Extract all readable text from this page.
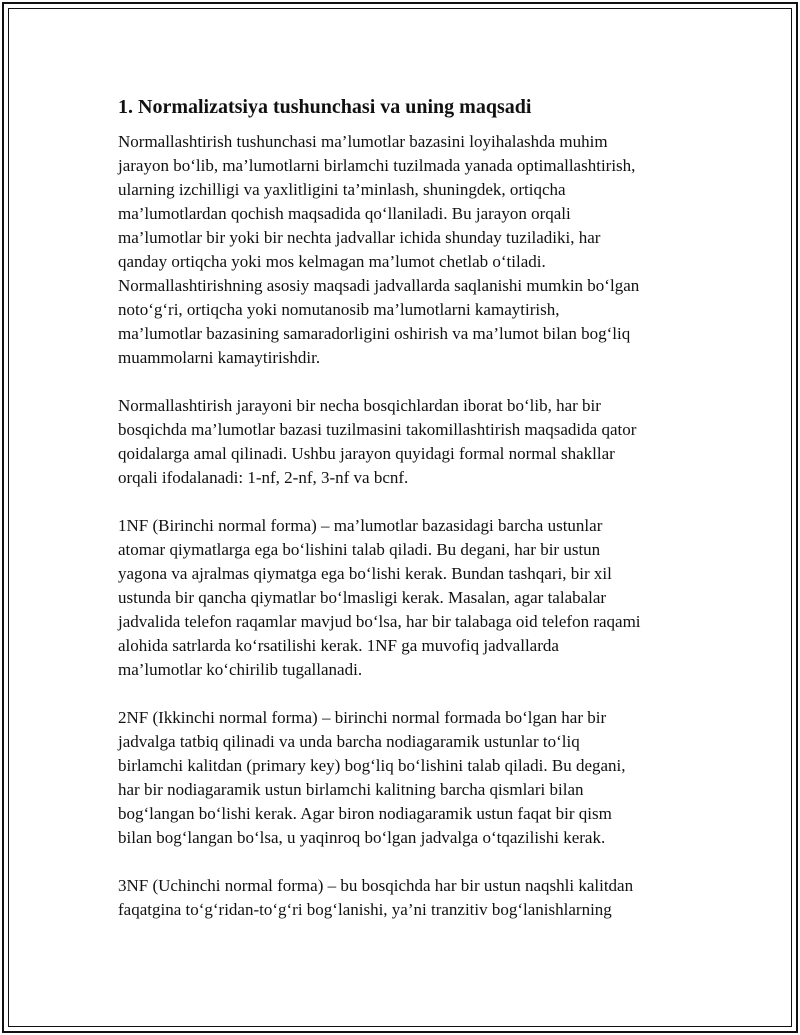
1. Normalizatsiya tushunchasi va uning maqsadi

Normallashtirish tushunchasi ma’lumotlar bazasini loyihalashda muhim
jarayon bo‘lib, ma’lumotlarni birlamchi tuzilmada yanada optimallashtirish,
ularning izchilligi va yaxlitligini ta’minlash, shuningdek, ortiqcha
ma’lumotlardan qochish maqsadida qo‘llaniladi. Bu jarayon orqali
ma’lumotlar bir yoki bir nechta jadvallar ichida shunday tuziladiki, har
qanday ortiqcha yoki mos kelmagan ma’lumot chetlab o‘tiladi.
Normallashtirishning asosiy maqsadi jadvallarda saqlanishi mumkin bo‘lgan
noto‘g‘ri, ortiqcha yoki nomutanosib ma’lumotlarni kamaytirish,
ma’lumotlar bazasining samaradorligini oshirish va ma’lumot bilan bog‘liq
muammolarni kamaytirishdir.

Normallashtirish jarayoni bir necha bosqichlardan iborat bo‘lib, har bir
bosqichda ma’lumotlar bazasi tuzilmasini takomillashtirish maqsadida qator
qoidalarga amal qilinadi. Ushbu jarayon quyidagi formal normal shakllar
orqali ifodalanadi: 1-nf, 2-nf, 3-nf va bcnf.

1NF (Birinchi normal forma) – ma’lumotlar bazasidagi barcha ustunlar
atomar qiymatlarga ega bo‘lishini talab qiladi. Bu degani, har bir ustun
yagona va ajralmas qiymatga ega bo‘lishi kerak. Bundan tashqari, bir xil
ustunda bir qancha qiymatlar bo‘lmasligi kerak. Masalan, agar talabalar
jadvalida telefon raqamlar mavjud bo‘lsa, har bir talabaga oid telefon raqami
alohida satrlarda ko‘rsatilishi kerak. 1NF ga muvofiq jadvallarda
ma’lumotlar ko‘chirilib tugallanadi.

2NF (Ikkinchi normal forma) – birinchi normal formada bo‘lgan har bir
jadvalga tatbiq qilinadi va unda barcha nodiagaramik ustunlar to‘liq
birlamchi kalitdan (primary key) bog‘liq bo‘lishini talab qiladi. Bu degani,
har bir nodiagaramik ustun birlamchi kalitning barcha qismlari bilan
bog‘langan bo‘lishi kerak. Agar biron nodiagaramik ustun faqat bir qism
bilan bog‘langan bo‘lsa, u yaqinroq bo‘lgan jadvalga o‘tqazilishi kerak.

3NF (Uchinchi normal forma) – bu bosqichda har bir ustun naqshli kalitdan
faqatgina to‘g‘ridan-to‘g‘ri bog‘lanishi, ya’ni tranzitiv bog‘lanishlarning
